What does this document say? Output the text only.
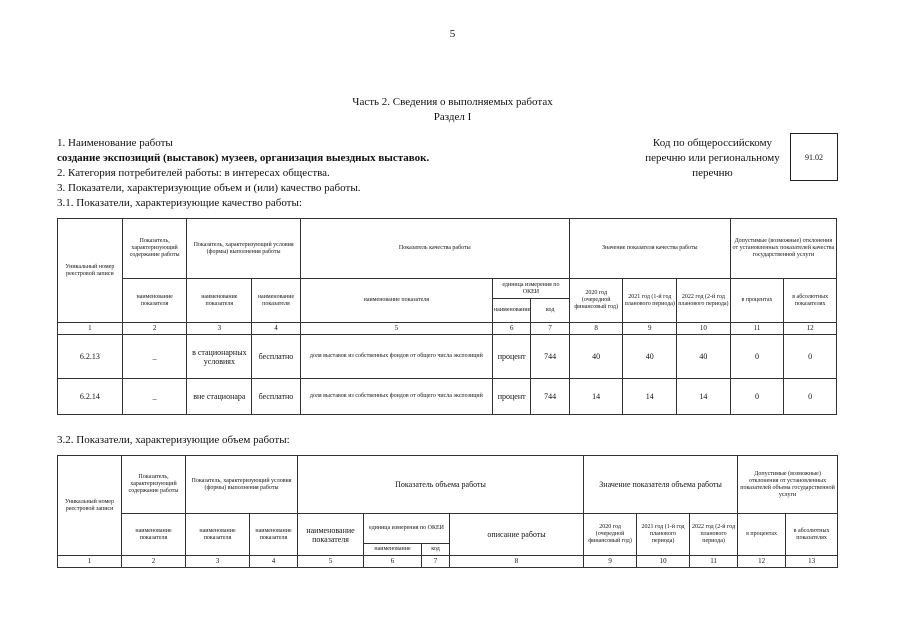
5
Часть 2. Сведения о выполняемых работах
Раздел I
1. Наименование работы
создание экспозиций (выставок) музеев, организация выездных выставок.
2. Категория потребителей работы: в интересах общества.
3. Показатели, характеризующие объем и (или) качество работы.
3.1. Показатели, характеризующие качество работы:
Код по общероссийскому перечню или региональному перечню
91.02
Уникальный номер реестровой записи	Показатель, характеризующий содержание работы	Показатель, характеризующий условия (формы) выполнения работы		Показатель качества работы			Значение показателя качества работы			Допустимые (возможные) отклонения от установленных показателей качества государственной услуги	
	наименование показателя	наименование показателя	наименование показателя	наименование показателя	единица измерения по ОКЕИ		2020 год (очередной финансовый год)	2021 год (1-й год планового периода)	2022 год (2-й год планового периода)	в процентах	в абсолютных показателях
					наименование	код					
1	2	3	4	5	6	7	8	9	10	11	12
6.2.13	_	в стационарных условиях	бесплатно	доля выставок из собственных фондов от общего числа экспозиций	процент	744	40	40	40	0	0
6.2.14	_	вне стационара	бесплатно	доля выставок из собственных фондов от общего числа экспозиций	процент	744	14	14	14	0	0
3.2. Показатели, характеризующие объем работы:
Уникальный номер реестровой записи	Показатель, характеризующий содержание работы	Показатель, характеризующий условия (формы) выполнения работы		Показатель объема работы				Значение показателя объема работы			Допустимые (возможные) отклонения от установленных показателей объема государственной услуги	
	наименование показателя	наименование показателя	наименование показателя	наименование показателя	единица измерения по ОКЕИ		описание работы	2020 год (очередной финансовый год)	2021 год (1-й год планового периода)	2022 год (2-й год планового периода)	в процентах	в абсолютных показателях
					наименование	код						
1	2	3	4	5	6	7	8	9	10	11	12	13
